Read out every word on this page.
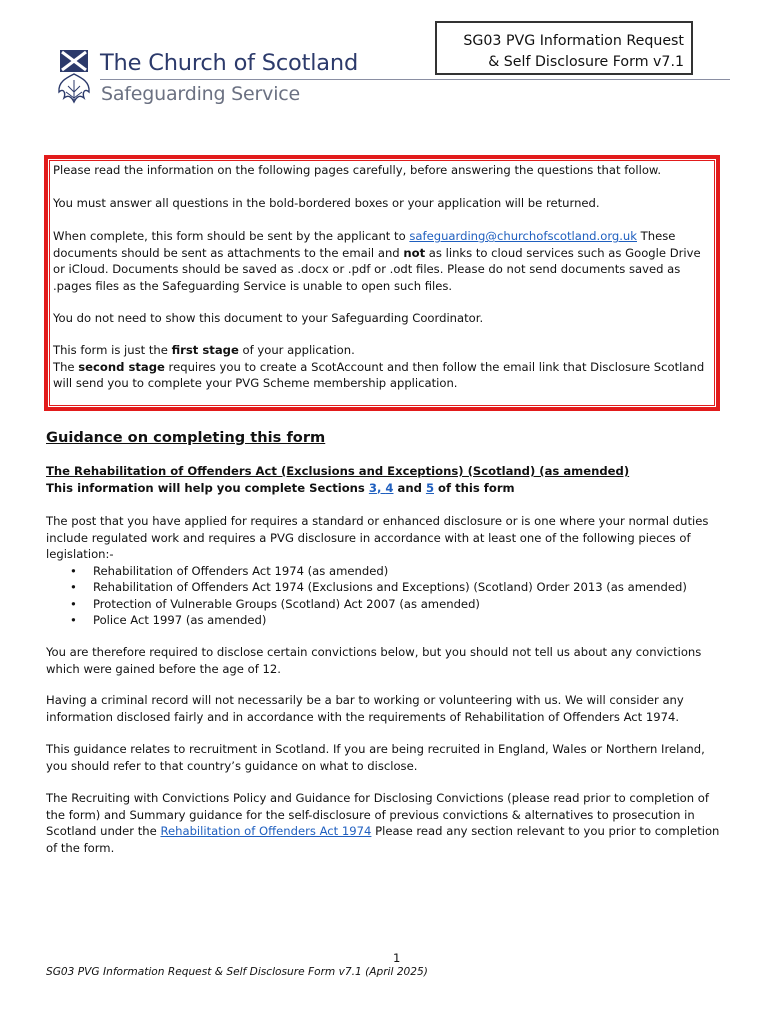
The Church of Scotland
Safeguarding Service
SG03 PVG Information Request
& Self Disclosure Form v7.1
Please read the information on the following pages carefully, before answering the questions that follow.
You must answer all questions in the bold-bordered boxes or your application will be returned.
When complete, this form should be sent by the applicant to safeguarding@churchofscotland.org.uk These documents should be sent as attachments to the email and not as links to cloud services such as Google Drive or iCloud. Documents should be saved as .docx or .pdf or .odt files. Please do not send documents saved as .pages files as the Safeguarding Service is unable to open such files.
You do not need to show this document to your Safeguarding Coordinator.
This form is just the first stage of your application.
The second stage requires you to create a ScotAccount and then follow the email link that Disclosure Scotland will send you to complete your PVG Scheme membership application.
Guidance on completing this form
The Rehabilitation of Offenders Act (Exclusions and Exceptions) (Scotland) (as amended)
This information will help you complete Sections 3, 4 and 5 of this form
The post that you have applied for requires a standard or enhanced disclosure or is one where your normal duties include regulated work and requires a PVG disclosure in accordance with at least one of the following pieces of legislation:-
• Rehabilitation of Offenders Act 1974 (as amended)
• Rehabilitation of Offenders Act 1974 (Exclusions and Exceptions) (Scotland) Order 2013 (as amended)
• Protection of Vulnerable Groups (Scotland) Act 2007 (as amended)
• Police Act 1997 (as amended)
You are therefore required to disclose certain convictions below, but you should not tell us about any convictions which were gained before the age of 12.
Having a criminal record will not necessarily be a bar to working or volunteering with us. We will consider any information disclosed fairly and in accordance with the requirements of Rehabilitation of Offenders Act 1974.
This guidance relates to recruitment in Scotland. If you are being recruited in England, Wales or Northern Ireland, you should refer to that country’s guidance on what to disclose.
The Recruiting with Convictions Policy and Guidance for Disclosing Convictions (please read prior to completion of the form) and Summary guidance for the self-disclosure of previous convictions & alternatives to prosecution in Scotland under the Rehabilitation of Offenders Act 1974 Please read any section relevant to you prior to completion of the form.
1
SG03 PVG Information Request & Self Disclosure Form v7.1 (April 2025)
